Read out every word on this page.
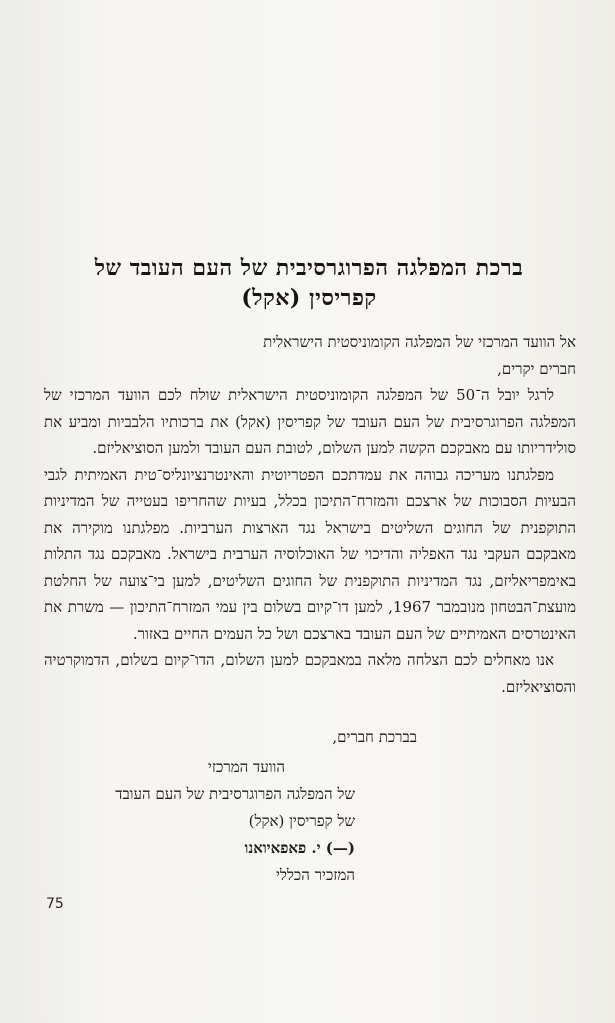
ברכת המפלגה הפרוגרסיבית של העם העובד של
קפריסין (אקל)

אל הוועד המרכזי של המפלגה הקומוניסטית הישראלית

חברים יקרים,

לרגל יובל ה־50 של המפלגה הקומוניסטית הישראלית שולח לכם הוועד המרכזי של המפלגה הפרוגרסיבית של העם העובד של קפריסין (אקל) את ברכותיו הלבביות ומביע את סולידריותו עם מאבקכם הקשה למען השלום, לטובת העם העובד ולמען הסוציאליזם.

מפלגתנו מעריכה גבוהה את עמדתכם הפטריוטית והאינטרנציונליס־טית האמיתית לגבי הבעיות הסבוכות של ארצכם והמזרח־התיכון בכלל, בעיות שהחריפו בעטייה של המדיניות התוקפנית של החוגים השליטים בישראל נגד הארצות הערביות. מפלגתנו מוקירה את מאבקכם העקבי נגד האפליה והדיכוי של האוכלוסיה הערבית בישראל. מאבקכם נגד התלות באימפריאליזם, נגד המדיניות התוקפנית של החוגים השליטים, למען בי־צועה של החלטת מועצת־הבטחון מנובמבר 1967, למען דו־קיום בשלום בין עמי המזרח־התיכון — משרת את האינטרסים האמיתיים של העם העובד בארצכם ושל כל העמים החיים באזור.

אנו מאחלים לכם הצלחה מלאה במאבקכם למען השלום, הדו־קיום בשלום, הדמוקרטיה והסוציאליזם.

בברכת חברים,
הוועד המרכזי
של המפלגה הפרוגרסיבית של העם העובד
של קפריסין (אקל)
(—) י. פאפאיואנו
המזכיר הכללי
75
